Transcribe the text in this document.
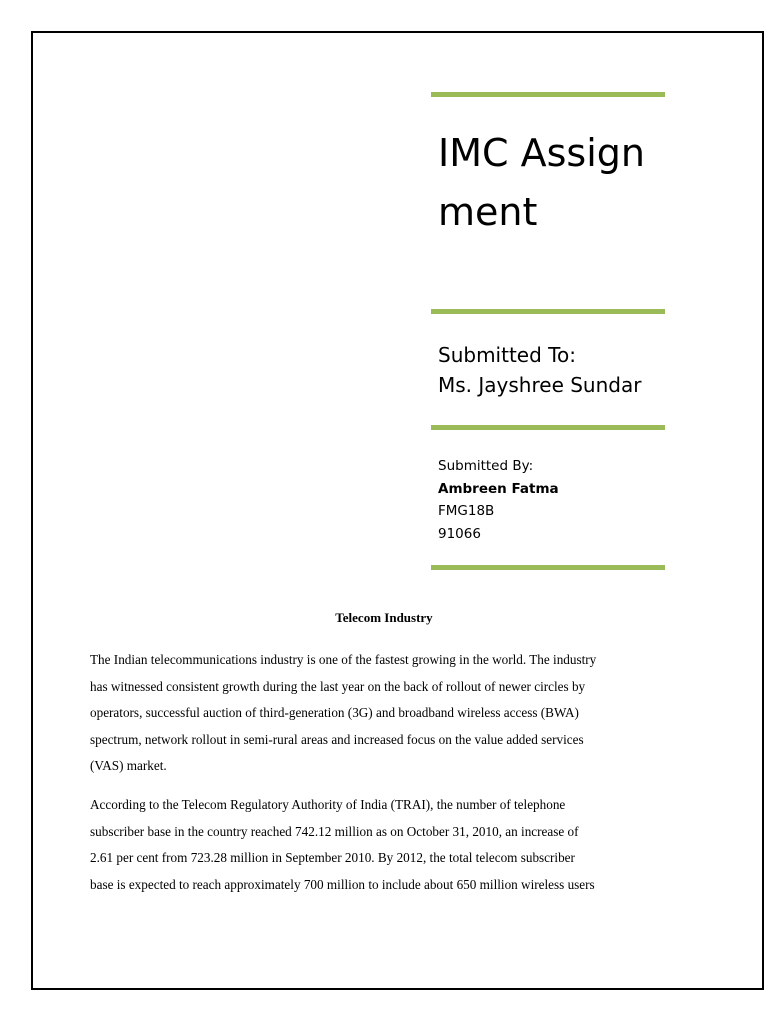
IMC Assignment
Submitted To:
Ms. Jayshree Sundar
Submitted By:
Ambreen Fatma
FMG18B
91066
Telecom Industry

The Indian telecommunications industry is one of the fastest growing in the world. The industry
has witnessed consistent growth during the last year on the back of rollout of newer circles by
operators, successful auction of third-generation (3G) and broadband wireless access (BWA)
spectrum, network rollout in semi-rural areas and increased focus on the value added services
(VAS) market.

According to the Telecom Regulatory Authority of India (TRAI), the number of telephone
subscriber base in the country reached 742.12 million as on October 31, 2010, an increase of
2.61 per cent from 723.28 million in September 2010. By 2012, the total telecom subscriber
base is expected to reach approximately 700 million to include about 650 million wireless users
